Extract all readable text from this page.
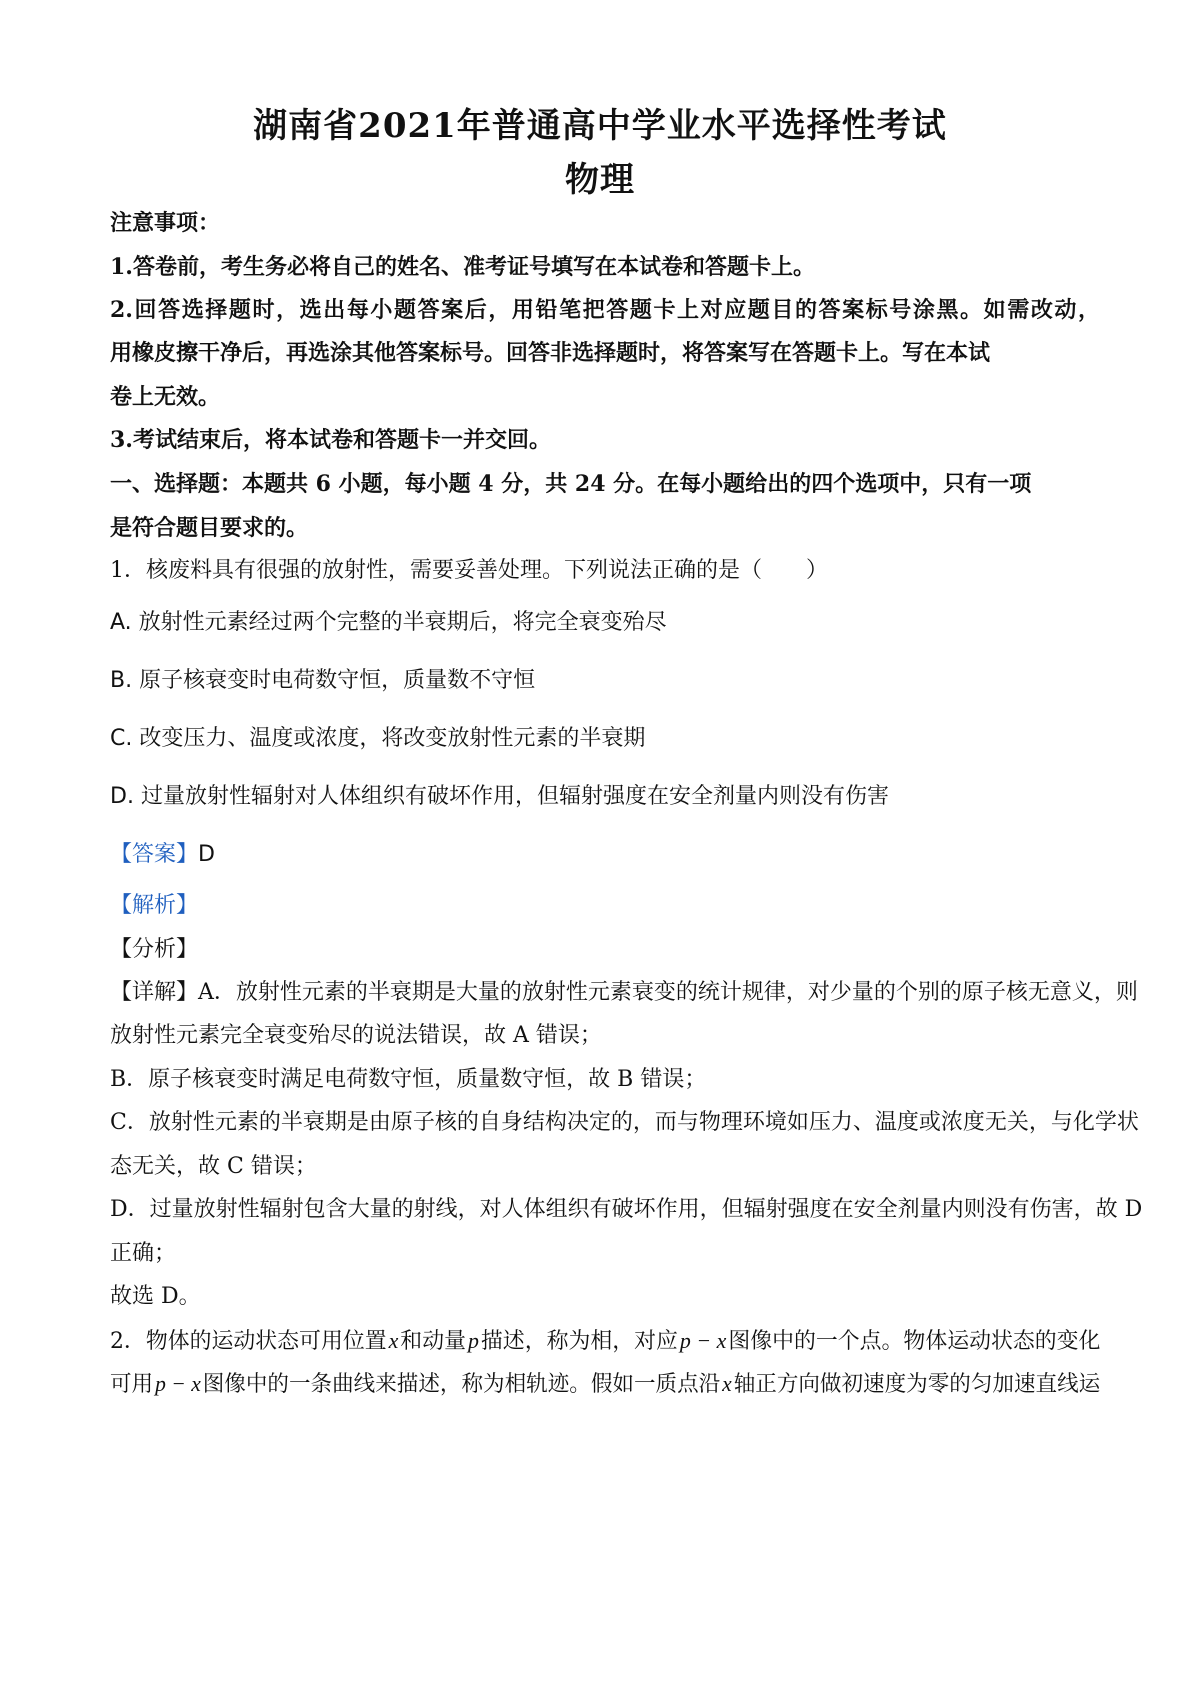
湖南省2021年普通高中学业水平选择性考试
物理
注意事项：
1.答卷前，考生务必将自己的姓名、准考证号填写在本试卷和答题卡上。
2.回答选择题时，选出每小题答案后，用铅笔把答题卡上对应题目的答案标号涂黑。如需改动，
用橡皮擦干净后，再选涂其他答案标号。回答非选择题时，将答案写在答题卡上。写在本试
卷上无效。
3.考试结束后，将本试卷和答题卡一并交回。
一、选择题：本题共 6 小题，每小题 4 分，共 24 分。在每小题给出的四个选项中，只有一项
是符合题目要求的。
1．核废料具有很强的放射性，需要妥善处理。下列说法正确的是（　　）
A. 放射性元素经过两个完整的半衰期后，将完全衰变殆尽
B. 原子核衰变时电荷数守恒，质量数不守恒
C. 改变压力、温度或浓度，将改变放射性元素的半衰期
D. 过量放射性辐射对人体组织有破坏作用，但辐射强度在安全剂量内则没有伤害
【答案】D
【解析】
【分析】
【详解】A．放射性元素的半衰期是大量的放射性元素衰变的统计规律，对少量的个别的原子核无意义，则
放射性元素完全衰变殆尽的说法错误，故 A 错误；
B．原子核衰变时满足电荷数守恒，质量数守恒，故 B 错误；
C．放射性元素的半衰期是由原子核的自身结构决定的，而与物理环境如压力、温度或浓度无关，与化学状
态无关，故 C 错误；
D．过量放射性辐射包含大量的射线，对人体组织有破坏作用，但辐射强度在安全剂量内则没有伤害，故 D
正确；
故选 D。
2．物体的运动状态可用位置x和动量p描述，称为相，对应p − x图像中的一个点。物体运动状态的变化
可用p − x图像中的一条曲线来描述，称为相轨迹。假如一质点沿x轴正方向做初速度为零的匀加速直线运
